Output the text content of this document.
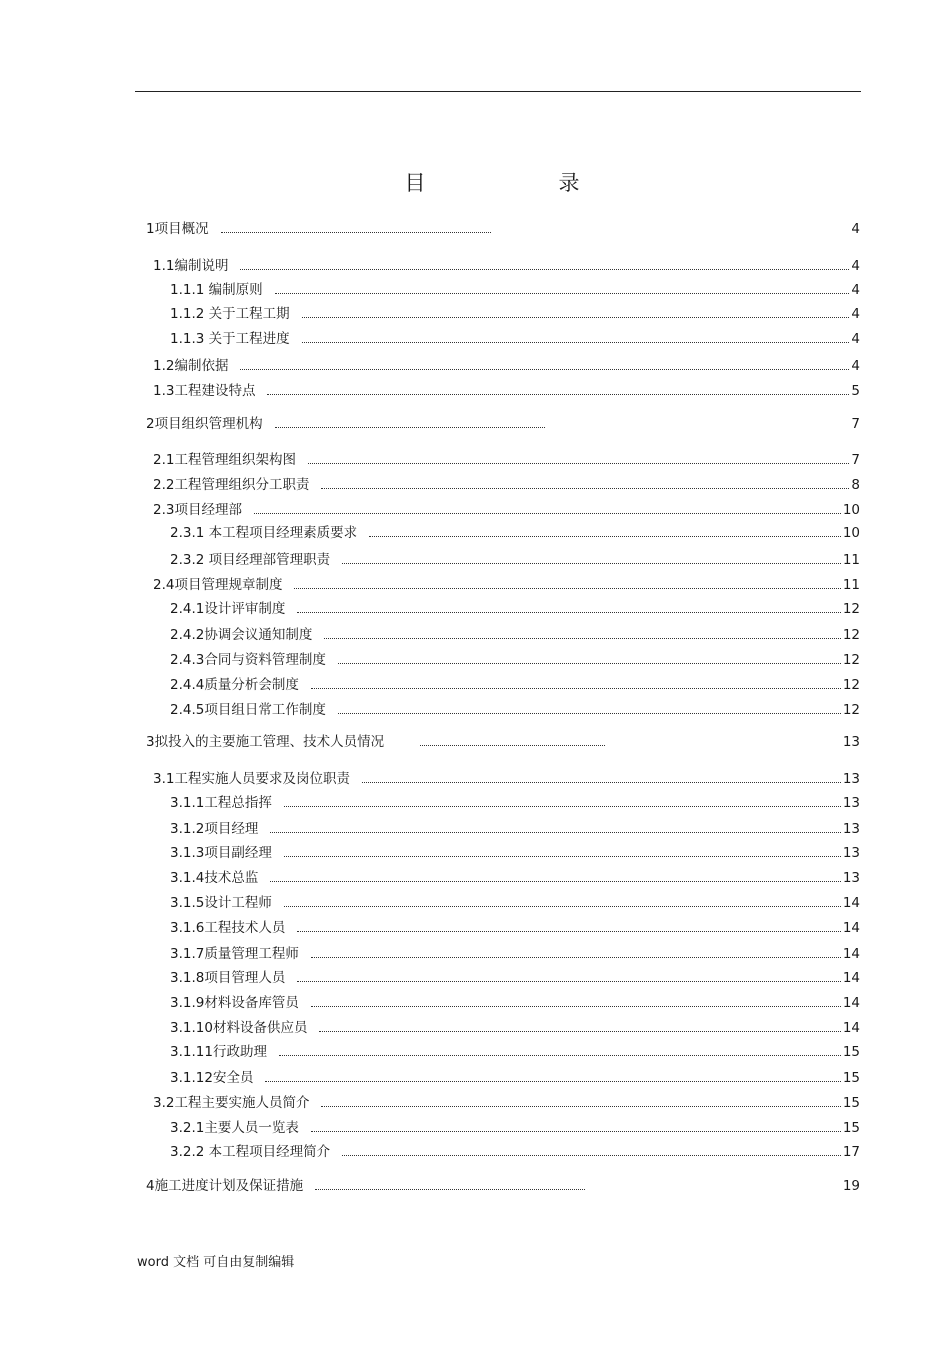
目　录
1项目概况	4
1.1编制说明	4
1.1.1 编制原则	4
1.1.2 关于工程工期	4
1.1.3 关于工程进度	4
1.2编制依据	4
1.3工程建设特点	5
2项目组织管理机构	7
2.1工程管理组织架构图	7
2.2工程管理组织分工职责	8
2.3项目经理部	10
2.3.1 本工程项目经理素质要求	10
2.3.2 项目经理部管理职责	11
2.4项目管理规章制度	11
2.4.1设计评审制度	12
2.4.2协调会议通知制度	12
2.4.3合同与资料管理制度	12
2.4.4质量分析会制度	12
2.4.5项目组日常工作制度	12
3拟投入的主要施工管理、技术人员情况	13
3.1工程实施人员要求及岗位职责	13
3.1.1工程总指挥	13
3.1.2项目经理	13
3.1.3项目副经理	13
3.1.4技术总监	13
3.1.5设计工程师	14
3.1.6工程技术人员	14
3.1.7质量管理工程师	14
3.1.8项目管理人员	14
3.1.9材料设备库管员	14
3.1.10材料设备供应员	14
3.1.11行政助理	15
3.1.12安全员	15
3.2工程主要实施人员简介	15
3.2.1主要人员一览表	15
3.2.2 本工程项目经理简介	17
4施工进度计划及保证措施	19
word 文档 可自由复制编辑
